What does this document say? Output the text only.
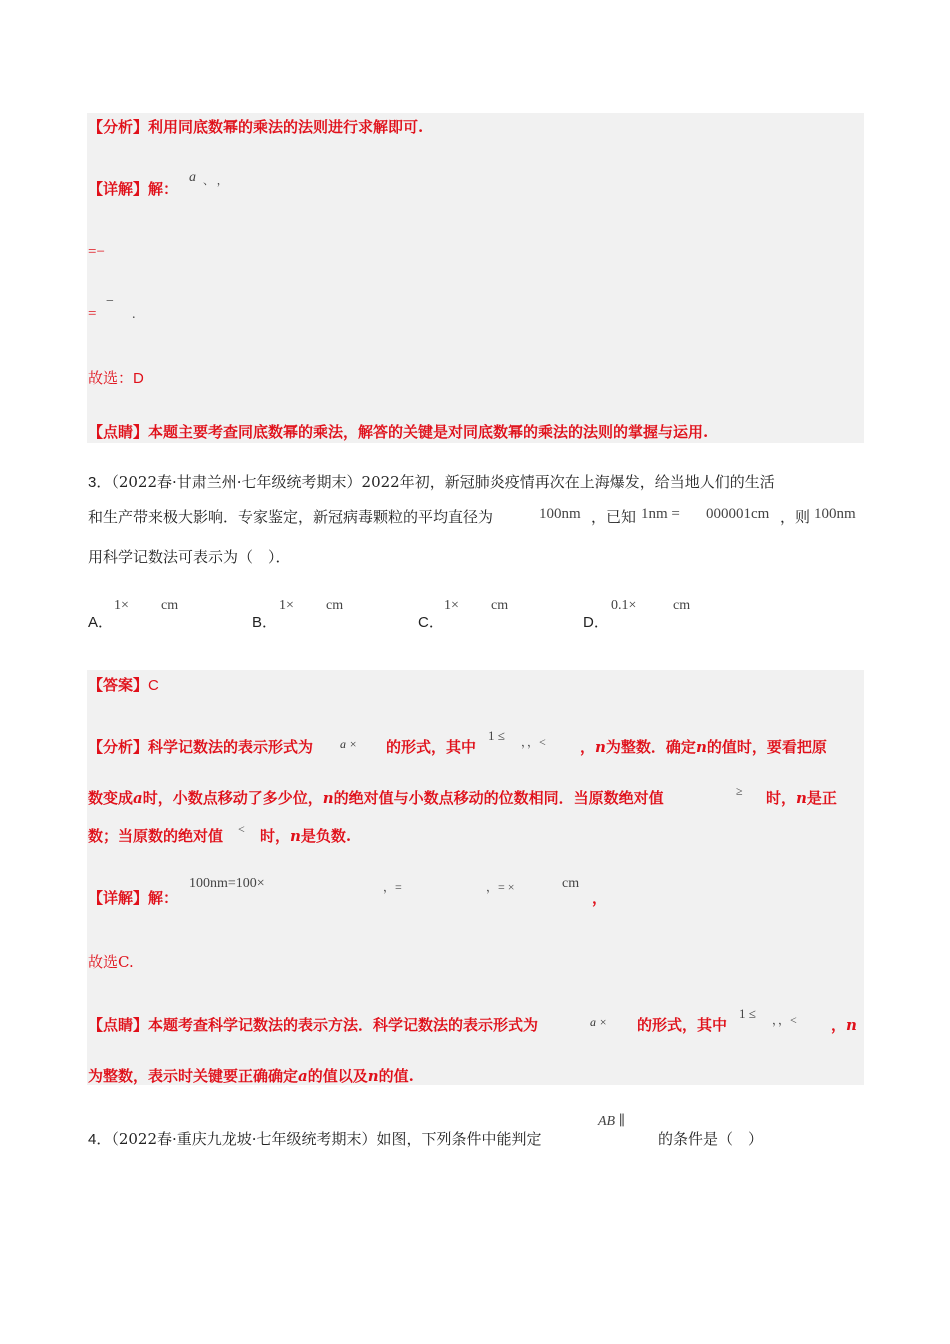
【分析】利用同底数幂的乘法的法则进行求解即可.
【详解】解：
a 、 ，
=−
=
−
.
故选：D
【点睛】本题主要考查同底数幂的乘法，解答的关键是对同底数幂的乘法的法则的掌握与运用.
3．（2022春·甘肃兰州·七年级统考期末）2022年初，新冠肺炎疫情再次在上海爆发，给当地人们的生活
和生产带来极大影响．专家鉴定，新冠病毒颗粒的平均直径为	100nm ，已知 1nm = 000001cm ，则 100nm
用科学记数法可表示为（　）．
A．
1× cm
B．
1× cm
C．
1× cm
D．
0.1×	cm
【答案】C
【分析】科学记数法的表示形式为 a × 的形式，其中
1 ≤ ，，< ，n为整数．确定n的值时，要看把原
数变成a时，小数点移动了多少位，n的绝对值与小数点移动的位数相同．当原数绝对值	≥ 时，n是正
数；当原数的绝对值 < 时，n是负数.
【详解】解：
100nm=100×	，=	，= ×	cm
，
故选C.
【点睛】本题考查科学记数法的表示方法．科学记数法的表示形式为	a × 的形式，其中
1 ≤ ，，< ，n
为整数，表示时关键要正确确定a的值以及n的值.
4．（2022春·重庆九龙坡·七年级统考期末）如图，下列条件中能判定
AB ∥
的条件是（　）
